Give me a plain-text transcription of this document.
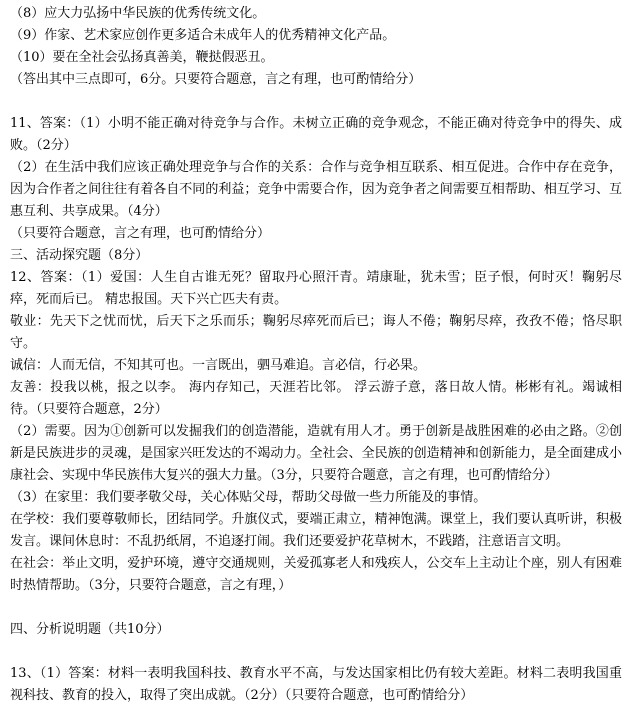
（8）应大力弘扬中华民族的优秀传统文化。

（9）作家、艺术家应创作更多适合未成年人的优秀精神文化产品。

（10）要在全社会弘扬真善美，鞭挞假恶丑。

（答出其中三点即可，6分。只要符合题意，言之有理，也可酌情给分）

11、答案：（1）小明不能正确对待竞争与合作。未树立正确的竞争观念，不能正确对待竞争中的得失、成败。（2分）

（2）在生活中我们应该正确处理竞争与合作的关系：合作与竞争相互联系、相互促进。合作中存在竞争，因为合作者之间往往有着各自不同的利益；竞争中需要合作，因为竞争者之间需要互相帮助、相互学习、互惠互利、共享成果。（4分）

（只要符合题意，言之有理，也可酌情给分）

三、活动探究题（8分）

12、答案：（1）爱国：人生自古谁无死？留取丹心照汗青。靖康耻，犹未雪；臣子恨，何时灭！鞠躬尽瘁，死而后已。 精忠报国。天下兴亡匹夫有责。

敬业：先天下之忧而忧，后天下之乐而乐；鞠躬尽瘁死而后已；诲人不倦；鞠躬尽瘁，孜孜不倦；恪尽职守。

诚信：人而无信，不知其可也。一言既出，驷马难追。言必信，行必果。

友善：投我以桃，报之以李。 海内存知己，天涯若比邻。 浮云游子意，落日故人情。彬彬有礼。竭诚相待。（只要符合题意，2分）

（2）需要。因为①创新可以发掘我们的创造潜能，造就有用人才。勇于创新是战胜困难的必由之路。②创新是民族进步的灵魂，是国家兴旺发达的不竭动力。全社会、全民族的创造精神和创新能力，是全面建成小康社会、实现中华民族伟大复兴的强大力量。（3分，只要符合题意，言之有理，也可酌情给分）

（3）在家里：我们要孝敬父母，关心体贴父母，帮助父母做一些力所能及的事情。

在学校：我们要尊敬师长，团结同学。升旗仪式，要端正肃立，精神饱满。课堂上，我们要认真听讲，积极发言。课间休息时：不乱扔纸屑，不追逐打闹。我们还要爱护花草树木，不践踏，注意语言文明。

在社会：举止文明，爱护环境，遵守交通规则，关爱孤寡老人和残疾人，公交车上主动让个座，别人有困难时热情帮助。（3分，只要符合题意，言之有理，）

四、分析说明题（共10分）

13、（1）答案：材料一表明我国科技、教育水平不高，与发达国家相比仍有较大差距。材料二表明我国重视科技、教育的投入，取得了突出成就。（2分）（只要符合题意，也可酌情给分）
